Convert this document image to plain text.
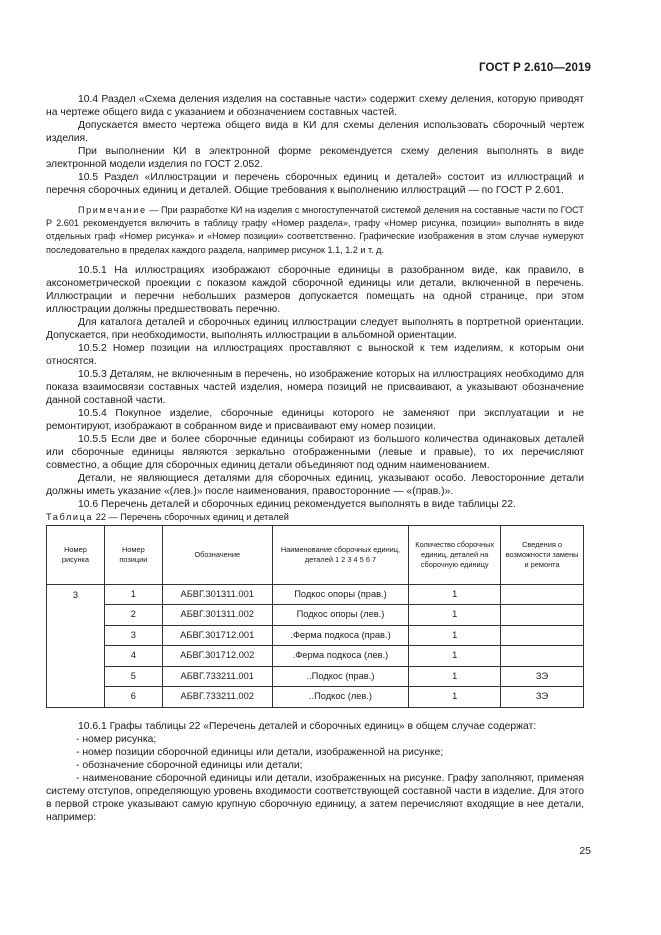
ГОСТ Р 2.610—2019

10.4 Раздел «Схема деления изделия на составные части» содержит схему деления, которую приводят на чертеже общего вида с указанием и обозначением составных частей.

Допускается вместо чертежа общего вида в КИ для схемы деления использовать сборочный чертеж изделия.

При выполнении КИ в электронной форме рекомендуется схему деления выполнять в виде электронной модели изделия по ГОСТ 2.052.

10.5 Раздел «Иллюстрации и перечень сборочных единиц и деталей» состоит из иллюстраций и перечня сборочных единиц и деталей. Общие требования к выполнению иллюстраций — по ГОСТ Р 2.601.

Примечание — При разработке КИ на изделия с многоступенчатой системой деления на составные части по ГОСТ Р 2.601 рекомендуется включить в таблицу графу «Номер раздела», графу «Номер рисунка, позиции» выполнять в виде отдельных граф «Номер рисунка» и «Номер позиции» соответственно. Графические изображения в этом случае нумеруют последовательно в пределах каждого раздела, например рисунок 1.1, 1.2 и т. д.

10.5.1 На иллюстрациях изображают сборочные единицы в разобранном виде, как правило, в аксонометрической проекции с показом каждой сборочной единицы или детали, включенной в перечень. Иллюстрации и перечни небольших размеров допускается помещать на одной странице, при этом иллюстрации должны предшествовать перечню.

Для каталога деталей и сборочных единиц иллюстрации следует выполнять в портретной ориентации. Допускается, при необходимости, выполнять иллюстрации в альбомной ориентации.

10.5.2 Номер позиции на иллюстрациях проставляют с выноской к тем изделиям, к которым они относятся.

10.5.3 Деталям, не включенным в перечень, но изображение которых на иллюстрациях необходимо для показа взаимосвязи составных частей изделия, номера позиций не присваивают, а указывают обозначение данной составной части.

10.5.4 Покупное изделие, сборочные единицы которого не заменяют при эксплуатации и не ремонтируют, изображают в собранном виде и присваивают ему номер позиции.

10.5.5 Если две и более сборочные единицы собирают из большого количества одинаковых деталей или сборочные единицы являются зеркально отображенными (левые и правые), то их перечисляют совместно, а общие для сборочных единиц детали объединяют под одним наименованием.

Детали, не являющиеся деталями для сборочных единиц, указывают особо. Левосторонние детали должны иметь указание «(лев.)» после наименования, правосторонние — «(прав.)».

10.6 Перечень деталей и сборочных единиц рекомендуется выполнять в виде таблицы 22.

Таблица 22 — Перечень сборочных единиц и деталей

Номер рисунка	Номер позиции	Обозначение	Наименование сборочных единиц, деталей 1 2 3 4 5 6 7	Количество сборочных единиц, деталей на сборочную единицу	Сведения о возможности замены и ремонта
3	1	АБВГ.301311.001	Подкос опоры (прав.)	1	
	2	АБВГ.301311.002	Подкос опоры (лев.)	1	
	3	АБВГ.301712.001	.Ферма подкоса (прав.)	1	
	4	АБВГ.301712.002	.Ферма подкоса (лев.)	1	
	5	АБВГ.733211.001	..Подкос (прав.)	1	ЗЭ
	6	АБВГ.733211.002	..Подкос (лев.)	1	ЗЭ

10.6.1 Графы таблицы 22 «Перечень деталей и сборочных единиц» в общем случае содержат:

- номер рисунка;

- номер позиции сборочной единицы или детали, изображенной на рисунке;

- обозначение сборочной единицы или детали;

- наименование сборочной единицы или детали, изображенных на рисунке. Графу заполняют, применяя систему отступов, определяющую уровень входимости соответствующей составной части в изделие. Для этого в первой строке указывают самую крупную сборочную единицу, а затем перечисляют входящие в нее детали, например:

25
